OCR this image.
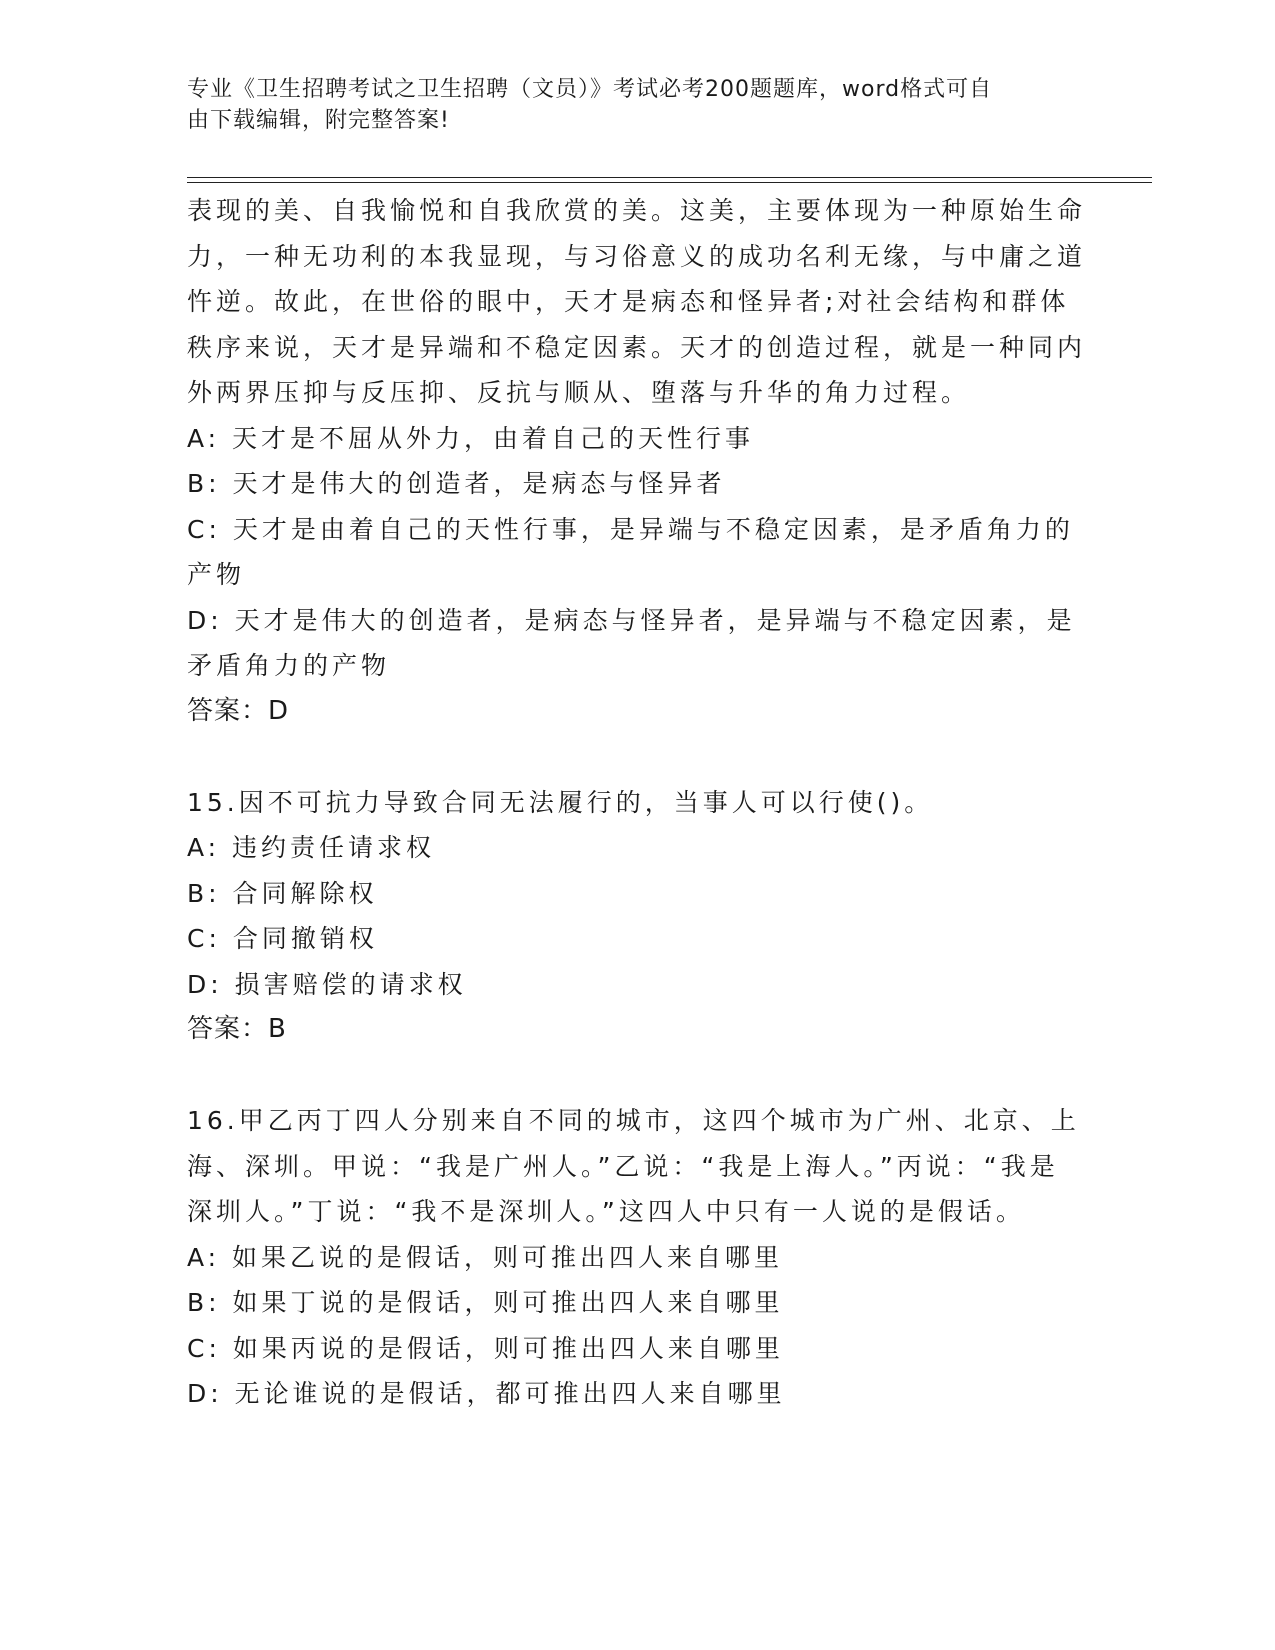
专业《卫生招聘考试之卫生招聘（文员）》考试必考200题题库，word格式可自
由下载编辑，附完整答案!

表现的美、自我愉悦和自我欣赏的美。这美，主要体现为一种原始生命力，一种无功利的本我显现，与习俗意义的成功名利无缘，与中庸之道忤逆。故此，在世俗的眼中，天才是病态和怪异者;对社会结构和群体秩序来说，天才是异端和不稳定因素。天才的创造过程，就是一种同内外两界压抑与反压抑、反抗与顺从、堕落与升华的角力过程。

A: 天才是不屈从外力，由着自己的天性行事

B: 天才是伟大的创造者，是病态与怪异者

C: 天才是由着自己的天性行事，是异端与不稳定因素，是矛盾角力的产物

D: 天才是伟大的创造者，是病态与怪异者，是异端与不稳定因素，是矛盾角力的产物

答案：D

15.因不可抗力导致合同无法履行的，当事人可以行使()。

A: 违约责任请求权

B: 合同解除权

C: 合同撤销权

D: 损害赔偿的请求权

答案：B

16.甲乙丙丁四人分别来自不同的城市，这四个城市为广州、北京、上海、深圳。甲说：“我是广州人。”乙说：“我是上海人。”丙说：“我是深圳人。”丁说：“我不是深圳人。”这四人中只有一人说的是假话。

A: 如果乙说的是假话，则可推出四人来自哪里

B: 如果丁说的是假话，则可推出四人来自哪里

C: 如果丙说的是假话，则可推出四人来自哪里

D: 无论谁说的是假话，都可推出四人来自哪里
